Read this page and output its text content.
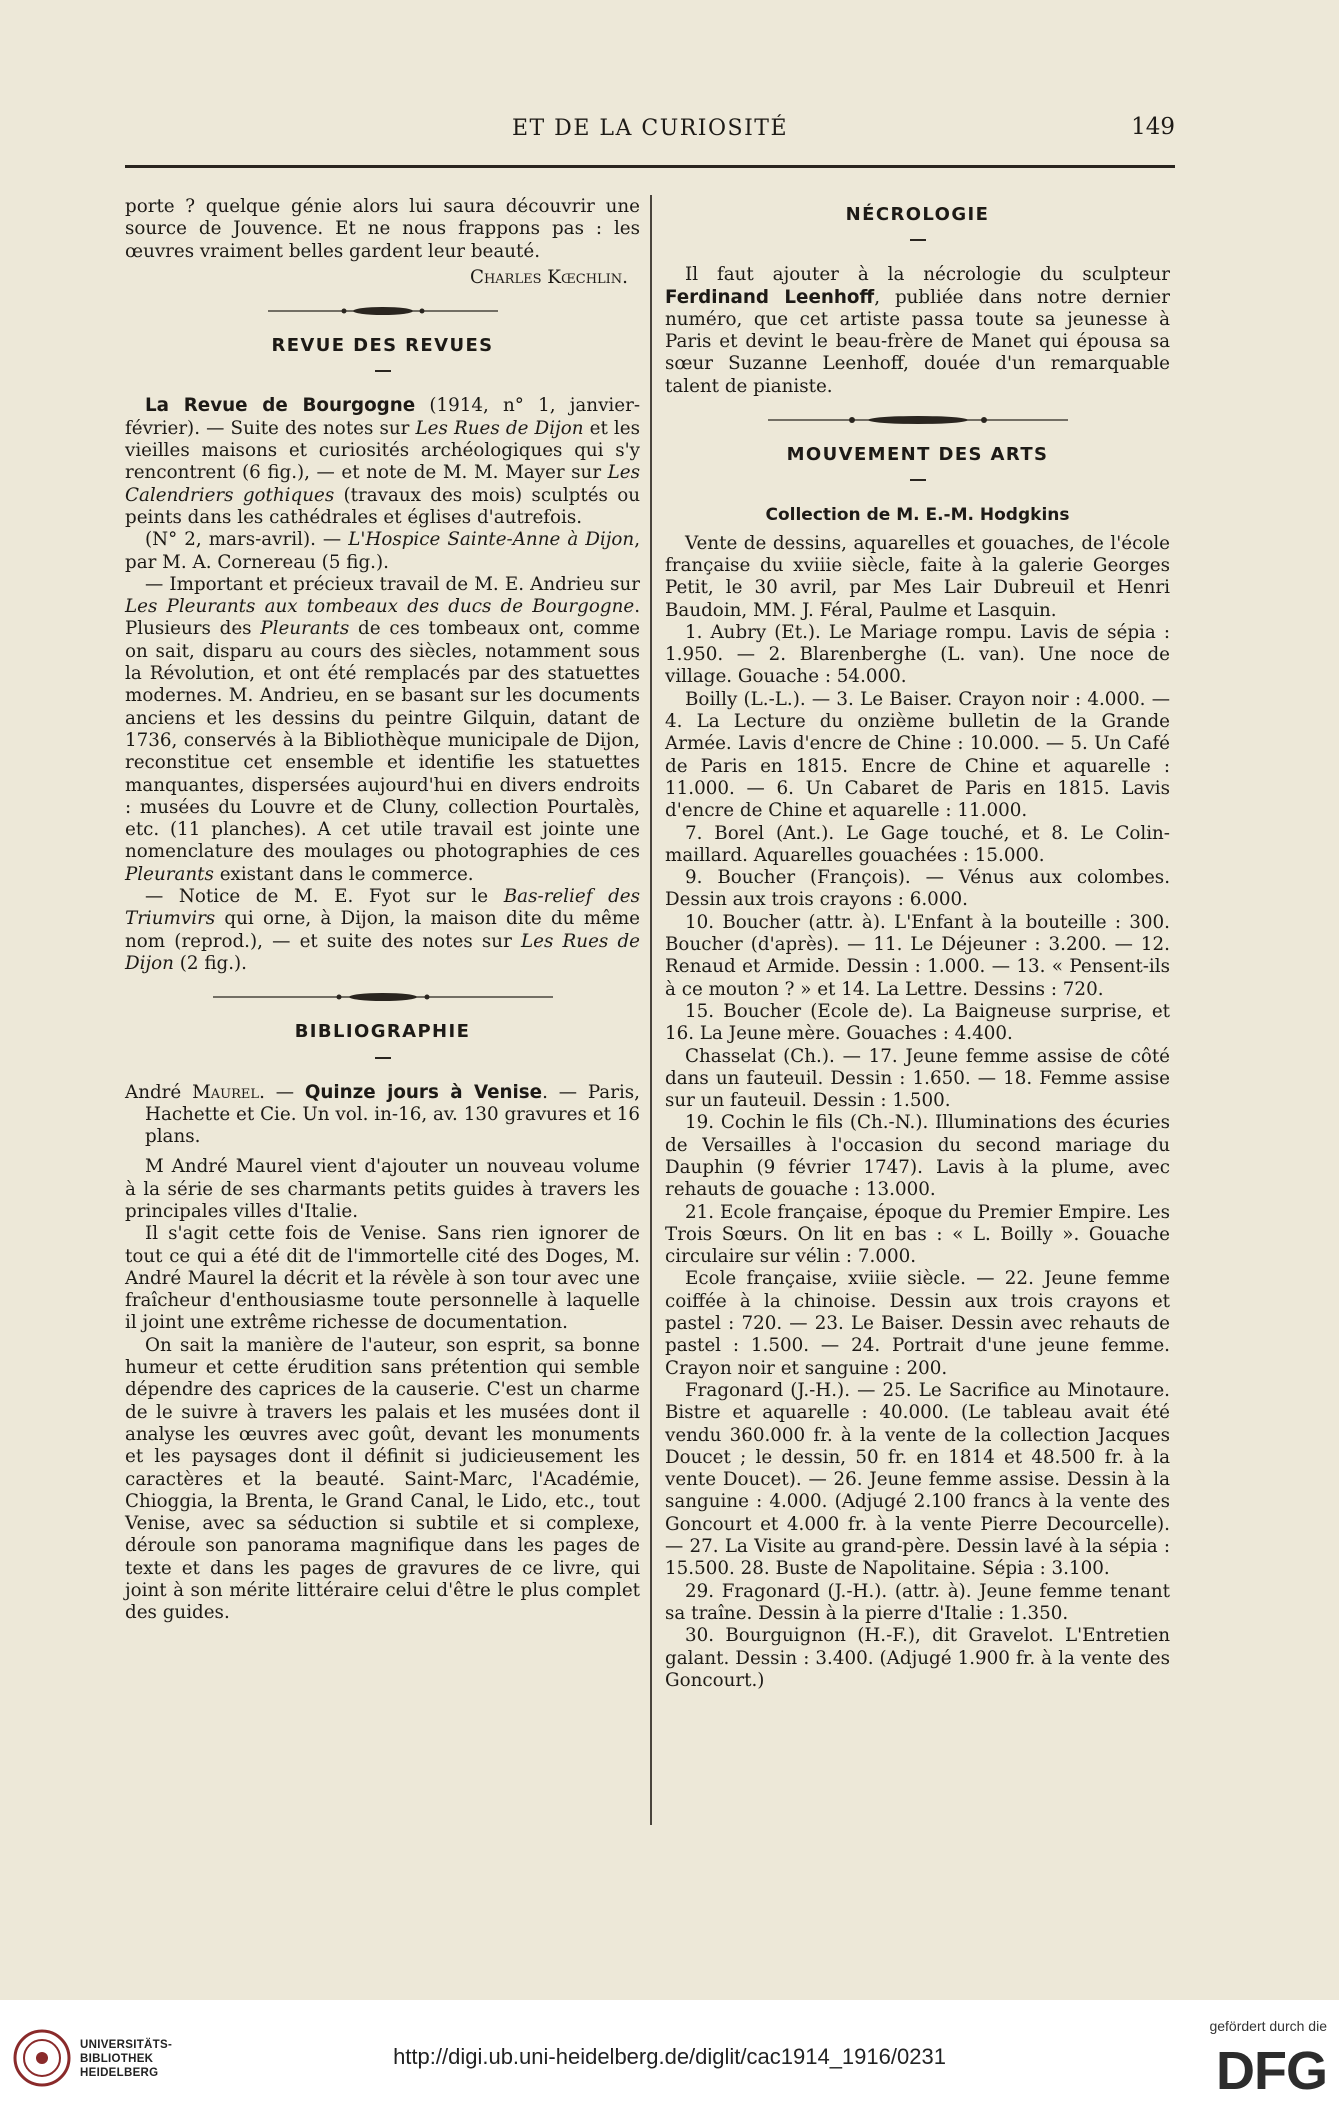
ET DE LA CURIOSITÉ	149

porte ? quelque génie alors lui saura découvrir une source de Jouvence. Et ne nous frappons pas : les œuvres vraiment belles gardent leur beauté.

Charles Kœchlin.
REVUE DES REVUES

La Revue de Bourgogne (1914, n° 1, janvier-février). — Suite des notes sur Les Rues de Dijon et les vieilles maisons et curiosités archéologiques qui s'y rencontrent (6 fig.), — et note de M. M. Mayer sur Les Calendriers gothiques (travaux des mois) sculptés ou peints dans les cathédrales et églises d'autrefois.

(N° 2, mars-avril). — L'Hospice Sainte-Anne à Dijon, par M. A. Cornereau (5 fig.).

— Important et précieux travail de M. E. Andrieu sur Les Pleurants aux tombeaux des ducs de Bourgogne. Plusieurs des Pleurants de ces tombeaux ont, comme on sait, disparu au cours des siècles, notamment sous la Révolution, et ont été remplacés par des statuettes modernes. M. Andrieu, en se basant sur les documents anciens et les dessins du peintre Gilquin, datant de 1736, conservés à la Bibliothèque municipale de Dijon, reconstitue cet ensemble et identifie les statuettes manquantes, dispersées aujourd'hui en divers endroits : musées du Louvre et de Cluny, collection Pourtalès, etc. (11 planches). A cet utile travail est jointe une nomenclature des moulages ou photographies de ces Pleurants existant dans le commerce.

— Notice de M. E. Fyot sur le Bas-relief des Triumvirs qui orne, à Dijon, la maison dite du même nom (reprod.), — et suite des notes sur Les Rues de Dijon (2 fig.).

BIBLIOGRAPHIE

André Maurel. — Quinze jours à Venise. — Paris, Hachette et Cie. Un vol. in-16, av. 130 gravures et 16 plans.

M André Maurel vient d'ajouter un nouveau volume à la série de ses charmants petits guides à travers les principales villes d'Italie.

Il s'agit cette fois de Venise. Sans rien ignorer de tout ce qui a été dit de l'immortelle cité des Doges, M. André Maurel la décrit et la révèle à son tour avec une fraîcheur d'enthousiasme toute personnelle à laquelle il joint une extrême richesse de documentation.

On sait la manière de l'auteur, son esprit, sa bonne humeur et cette érudition sans prétention qui semble dépendre des caprices de la causerie. C'est un charme de le suivre à travers les palais et les musées dont il analyse les œuvres avec goût, devant les monuments et les paysages dont il définit si judicieusement les caractères et la beauté. Saint-Marc, l'Académie, Chioggia, la Brenta, le Grand Canal, le Lido, etc., tout Venise, avec sa séduction si subtile et si complexe, déroule son panorama magnifique dans les pages de texte et dans les pages de gravures de ce livre, qui joint à son mérite littéraire celui d'être le plus complet des guides.

NÉCROLOGIE

Il faut ajouter à la nécrologie du sculpteur Ferdinand Leenhoff, publiée dans notre dernier numéro, que cet artiste passa toute sa jeunesse à Paris et devint le beau-frère de Manet qui épousa sa sœur Suzanne Leenhoff, douée d'un remarquable talent de pianiste.

MOUVEMENT DES ARTS
Collection de M. E.-M. Hodgkins

Vente de dessins, aquarelles et gouaches, de l'école française du xviiie siècle, faite à la galerie Georges Petit, le 30 avril, par Mes Lair Dubreuil et Henri Baudoin, MM. J. Féral, Paulme et Lasquin.

1. Aubry (Et.). Le Mariage rompu. Lavis de sépia : 1.950. — 2. Blarenberghe (L. van). Une noce de village. Gouache : 54.000.

Boilly (L.-L.). — 3. Le Baiser. Crayon noir : 4.000. — 4. La Lecture du onzième bulletin de la Grande Armée. Lavis d'encre de Chine : 10.000. — 5. Un Café de Paris en 1815. Encre de Chine et aquarelle : 11.000. — 6. Un Cabaret de Paris en 1815. Lavis d'encre de Chine et aquarelle : 11.000.

7. Borel (Ant.). Le Gage touché, et 8. Le Colin-maillard. Aquarelles gouachées : 15.000.

9. Boucher (François). — Vénus aux colombes. Dessin aux trois crayons : 6.000.

10. Boucher (attr. à). L'Enfant à la bouteille : 300. Boucher (d'après). — 11. Le Déjeuner : 3.200. — 12. Renaud et Armide. Dessin : 1.000. — 13. « Pensent-ils à ce mouton ? » et 14. La Lettre. Dessins : 720.

15. Boucher (Ecole de). La Baigneuse surprise, et 16. La Jeune mère. Gouaches : 4.400.

Chasselat (Ch.). — 17. Jeune femme assise de côté dans un fauteuil. Dessin : 1.650. — 18. Femme assise sur un fauteuil. Dessin : 1.500.

19. Cochin le fils (Ch.-N.). Illuminations des écuries de Versailles à l'occasion du second mariage du Dauphin (9 février 1747). Lavis à la plume, avec rehauts de gouache : 13.000.

21. Ecole française, époque du Premier Empire. Les Trois Sœurs. On lit en bas : « L. Boilly ». Gouache circulaire sur vélin : 7.000.

Ecole française, xviiie siècle. — 22. Jeune femme coiffée à la chinoise. Dessin aux trois crayons et pastel : 720. — 23. Le Baiser. Dessin avec rehauts de pastel : 1.500. — 24. Portrait d'une jeune femme. Crayon noir et sanguine : 200.

Fragonard (J.-H.). — 25. Le Sacrifice au Minotaure. Bistre et aquarelle : 40.000. (Le tableau avait été vendu 360.000 fr. à la vente de la collection Jacques Doucet ; le dessin, 50 fr. en 1814 et 48.500 fr. à la vente Doucet). — 26. Jeune femme assise. Dessin à la sanguine : 4.000. (Adjugé 2.100 francs à la vente des Goncourt et 4.000 fr. à la vente Pierre Decourcelle). — 27. La Visite au grand-père. Dessin lavé à la sépia : 15.500. 28. Buste de Napolitaine. Sépia : 3.100.

29. Fragonard (J.-H.). (attr. à). Jeune femme tenant sa traîne. Dessin à la pierre d'Italie : 1.350.

30. Bourguignon (H.-F.), dit Gravelot. L'Entretien galant. Dessin : 3.400. (Adjugé 1.900 fr. à la vente des Goncourt.)

UNIVERSITÄTS-
BIBLIOTHEK
HEIDELBERG
http://digi.ub.uni-heidelberg.de/diglit/cac1914_1916/0231
gefördert durch die
DFG
